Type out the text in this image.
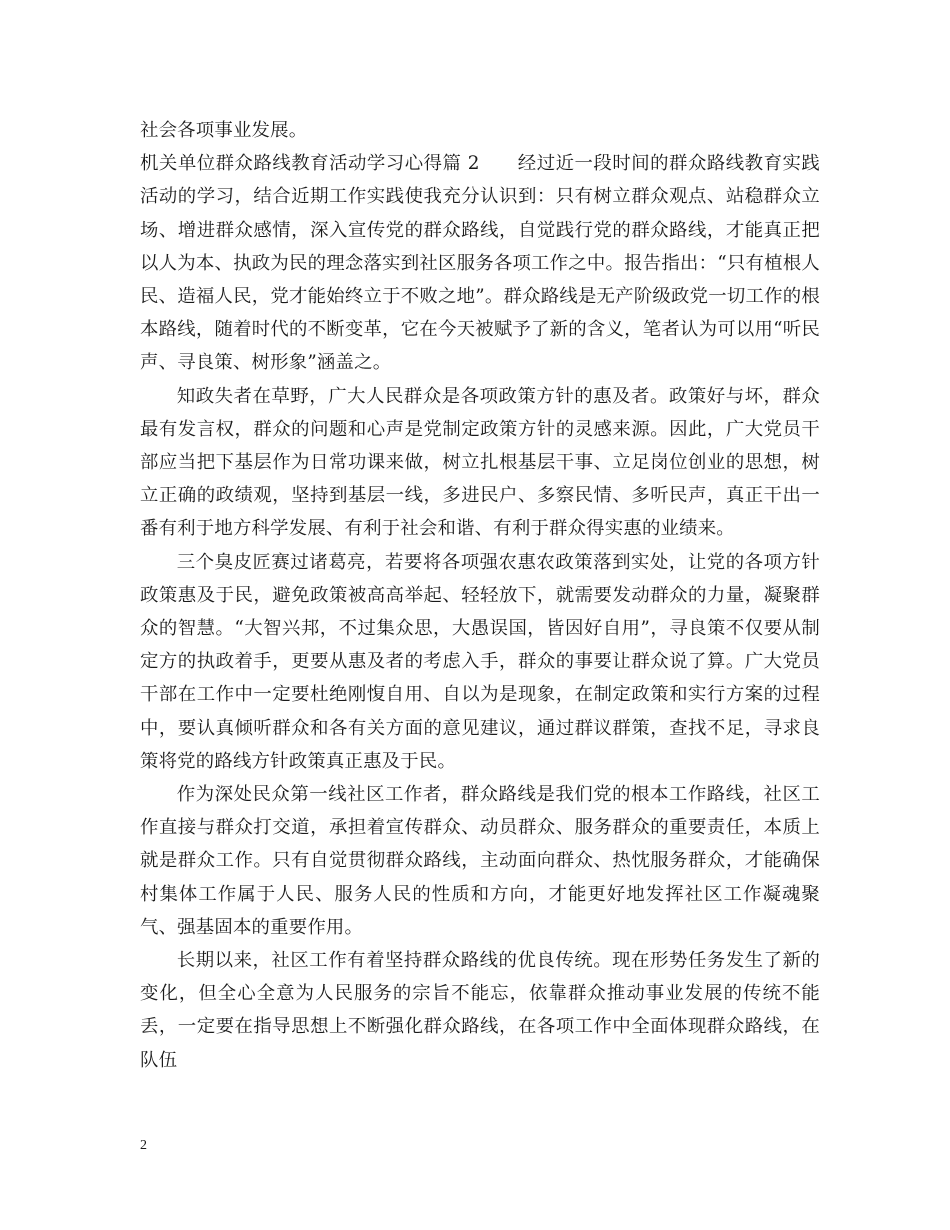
社会各项事业发展。

机关单位群众路线教育活动学习心得篇 2　　经过近一段时间的群众路线教育实践活动的学习，结合近期工作实践使我充分认识到：只有树立群众观点、站稳群众立场、增进群众感情，深入宣传党的群众路线，自觉践行党的群众路线，才能真正把以人为本、执政为民的理念落实到社区服务各项工作之中。报告指出：“只有植根人民、造福人民，党才能始终立于不败之地”。群众路线是无产阶级政党一切工作的根本路线，随着时代的不断变革，它在今天被赋予了新的含义，笔者认为可以用“听民声、寻良策、树形象”涵盖之。

知政失者在草野，广大人民群众是各项政策方针的惠及者。政策好与坏，群众最有发言权，群众的问题和心声是党制定政策方针的灵感来源。因此，广大党员干部应当把下基层作为日常功课来做，树立扎根基层干事、立足岗位创业的思想，树立正确的政绩观，坚持到基层一线，多进民户、多察民情、多听民声，真正干出一番有利于地方科学发展、有利于社会和谐、有利于群众得实惠的业绩来。

三个臭皮匠赛过诸葛亮，若要将各项强农惠农政策落到实处，让党的各项方针政策惠及于民，避免政策被高高举起、轻轻放下，就需要发动群众的力量，凝聚群众的智慧。“大智兴邦，不过集众思，大愚误国，皆因好自用”，寻良策不仅要从制定方的执政着手，更要从惠及者的考虑入手，群众的事要让群众说了算。广大党员干部在工作中一定要杜绝刚愎自用、自以为是现象，在制定政策和实行方案的过程中，要认真倾听群众和各有关方面的意见建议，通过群议群策，查找不足，寻求良策将党的路线方针政策真正惠及于民。

作为深处民众第一线社区工作者，群众路线是我们党的根本工作路线，社区工作直接与群众打交道，承担着宣传群众、动员群众、服务群众的重要责任，本质上就是群众工作。只有自觉贯彻群众路线，主动面向群众、热忱服务群众，才能确保村集体工作属于人民、服务人民的性质和方向，才能更好地发挥社区工作凝魂聚气、强基固本的重要作用。

长期以来，社区工作有着坚持群众路线的优良传统。现在形势任务发生了新的变化，但全心全意为人民服务的宗旨不能忘，依靠群众推动事业发展的传统不能丢，一定要在指导思想上不断强化群众路线，在各项工作中全面体现群众路线，在队伍

2
